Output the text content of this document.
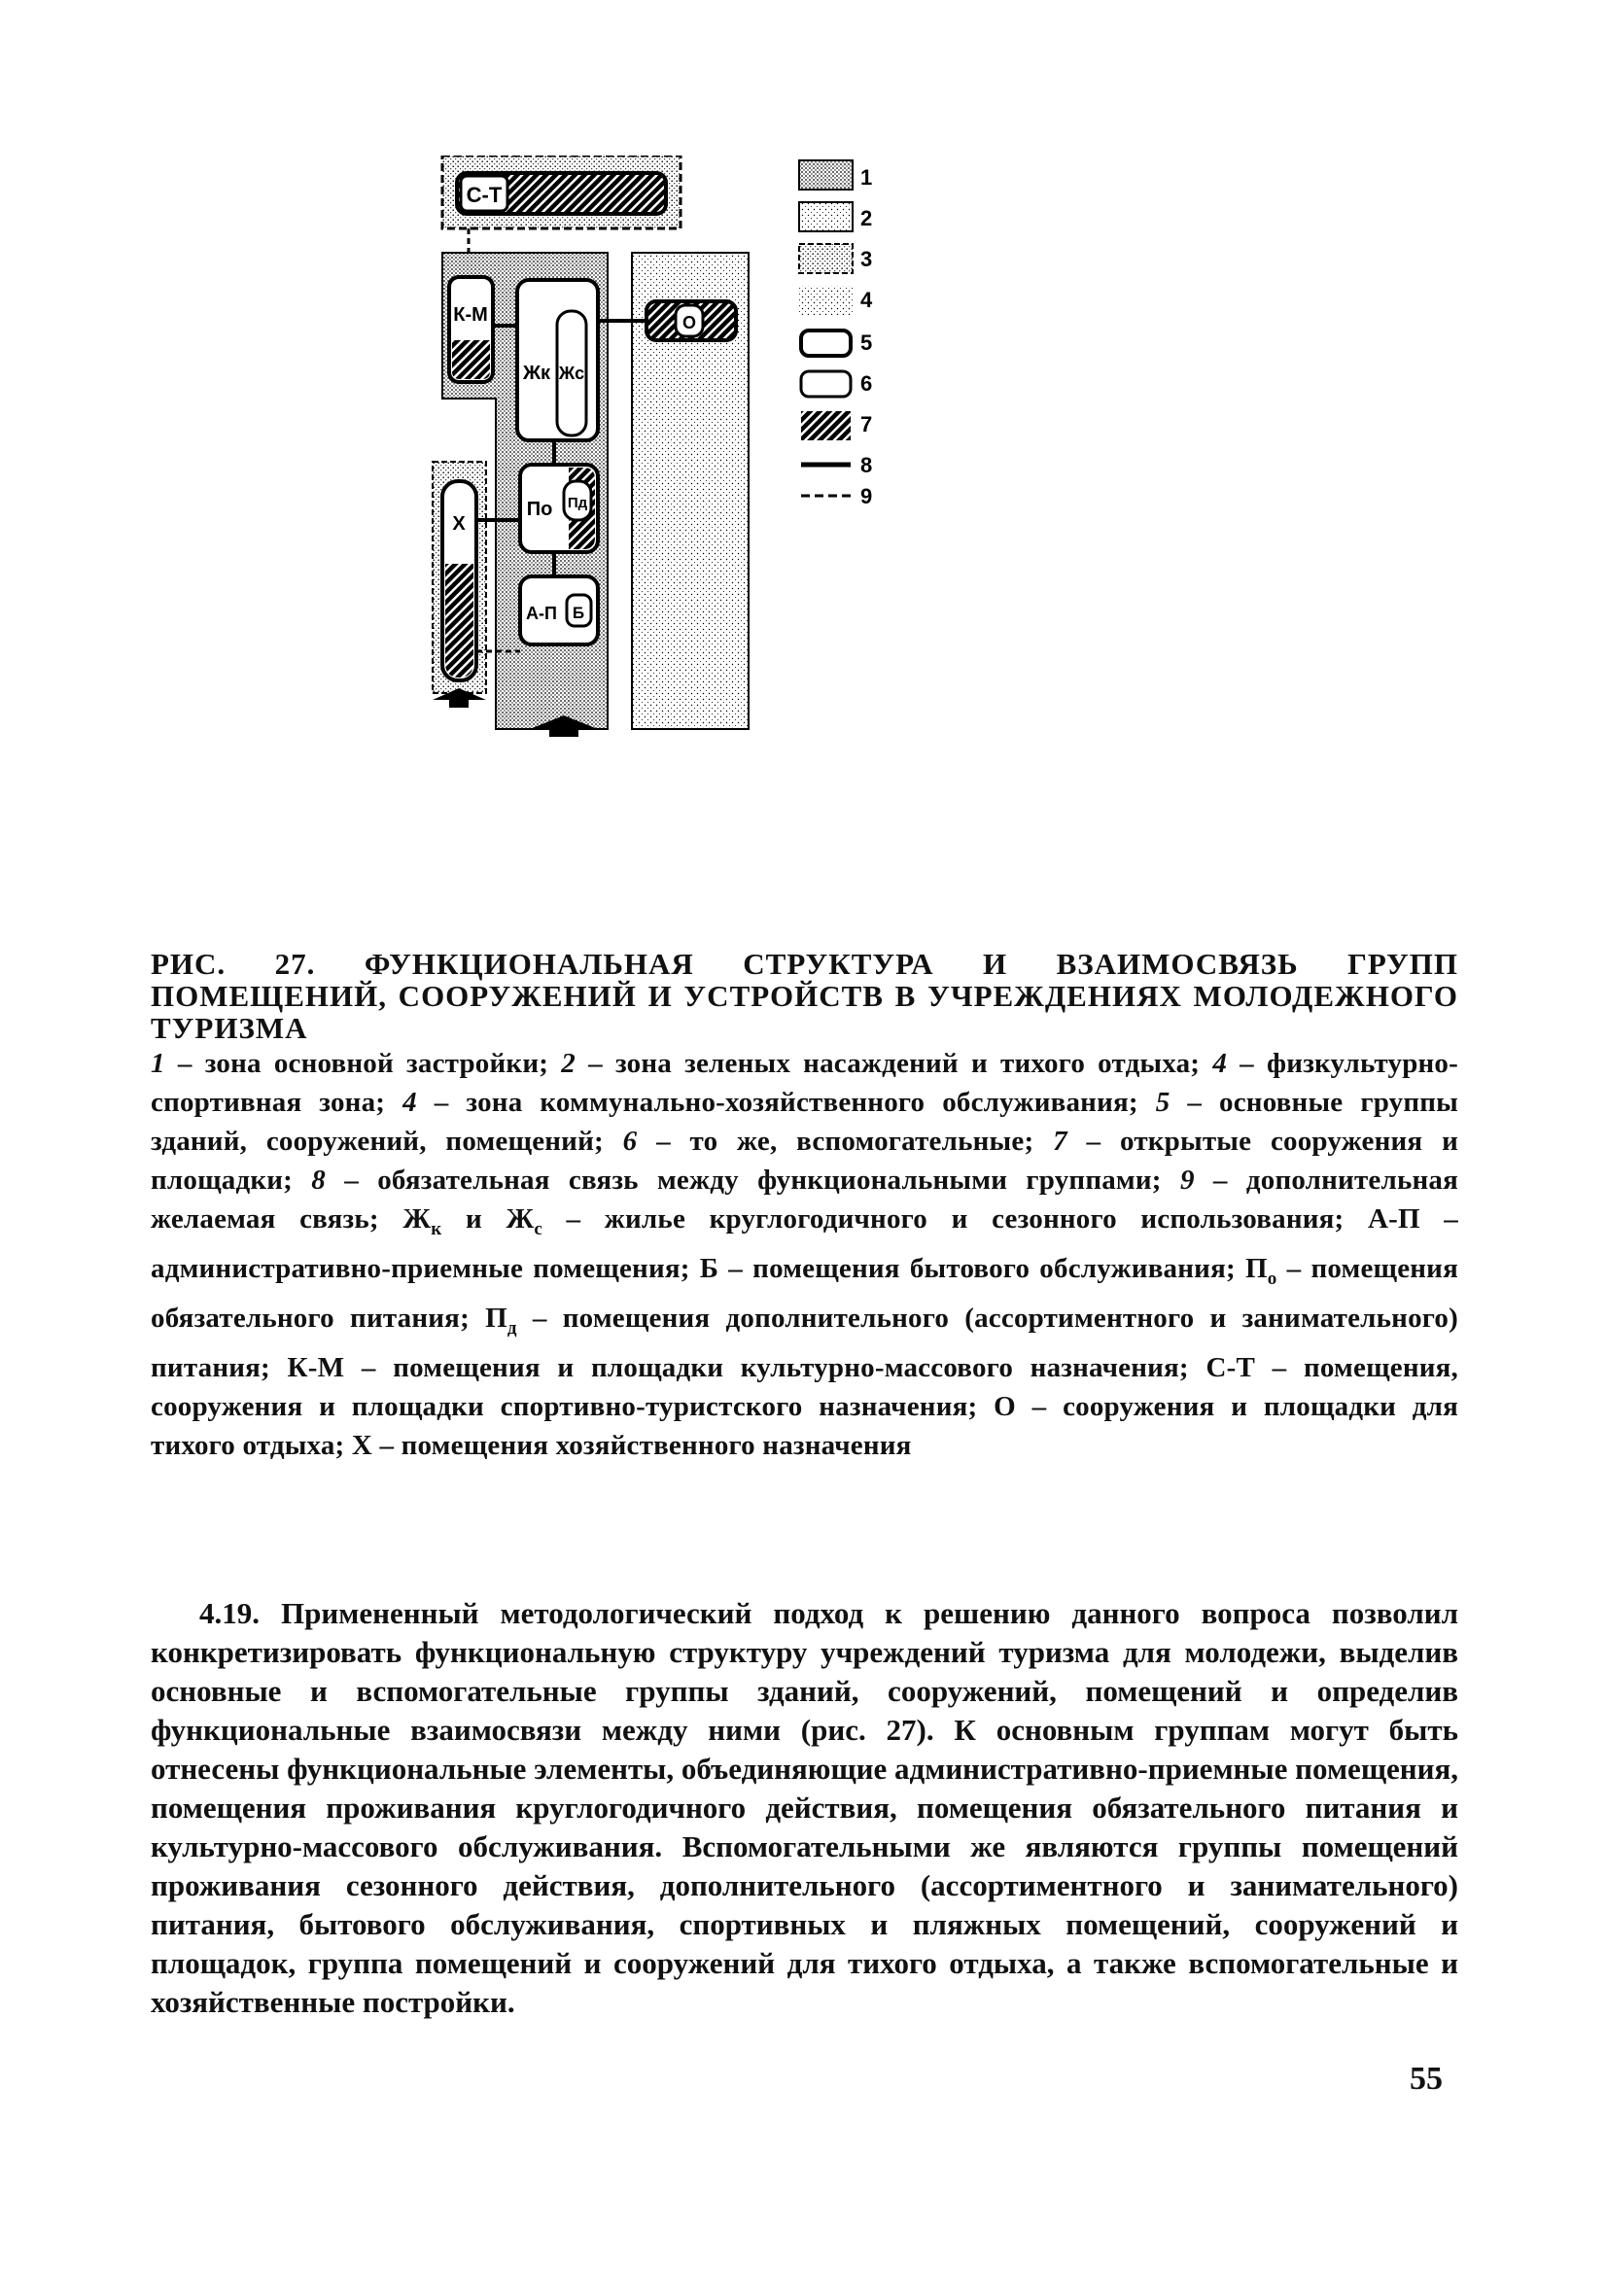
С-Т
К-М
Жк Жс
О
По Пд
Х
А-П Б
1
2
3
4
5
6
7
8
9

РИС. 27. ФУНКЦИОНАЛЬНАЯ СТРУКТУРА И ВЗАИМОСВЯЗЬ ГРУПП ПОМЕЩЕНИЙ, СООРУЖЕНИЙ И УСТРОЙСТВ В УЧРЕЖДЕНИЯХ МОЛОДЕЖНОГО ТУРИЗМА

1 – зона основной застройки; 2 – зона зеленых насаждений и тихого отдыха; 4 – физкультурно-спортивная зона; 4 – зона коммунально-хозяйственного обслуживания; 5 – основные группы зданий, сооружений, помещений; 6 – то же, вспомогательные; 7 – открытые сооружения и площадки; 8 – обязательная связь между функциональными группами; 9 – дополнительная желаемая связь; $Ж_к$ и $Ж_с$ – жилье круглогодичного и сезонного использования; А-П – административно-приемные помещения; Б – помещения бытового обслуживания; $П_о$ – помещения обязательного питания; $П_д$ – помещения дополнительного (ассортиментного и занимательного) питания; К-М – помещения и площадки культурно-массового назначения; С-Т – помещения, сооружения и площадки спортивно-туристского назначения; О – сооружения и площадки для тихого отдыха; Х – помещения хозяйственного назначения

4.19. Примененный методологический подход к решению данного вопроса позволил конкретизировать функциональную структуру учреждений туризма для молодежи, выделив основные и вспомогательные группы зданий, сооружений, помещений и определив функциональные взаимосвязи между ними (рис. 27). К основным группам могут быть отнесены функциональные элементы, объединяющие административно-приемные помещения, помещения проживания круглогодичного действия, помещения обязательного питания и культурно-массового обслуживания. Вспомогательными же являются группы помещений проживания сезонного действия, дополнительного (ассортиментного и занимательного) питания, бытового обслуживания, спортивных и пляжных помещений, сооружений и площадок, группа помещений и сооружений для тихого отдыха, а также вспомогательные и хозяйственные постройки.

55
